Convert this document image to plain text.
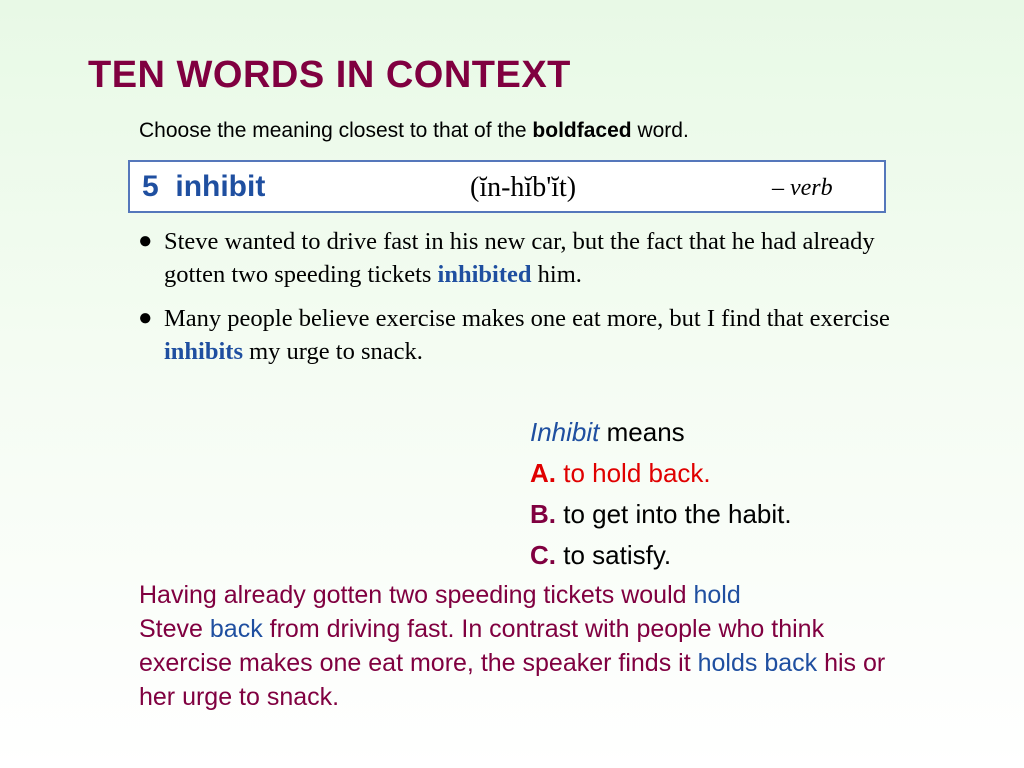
TEN WORDS IN CONTEXT
Choose the meaning closest to that of the boldfaced word.
5 inhibit	(ĭn-hĭb'ĭt)	– verb
● Steve wanted to drive fast in his new car, but the fact that he had already gotten two speeding tickets inhibited him.
● Many people believe exercise makes one eat more, but I find that exercise inhibits my urge to snack.
Inhibit means
A. to hold back.
B. to get into the habit.
C. to satisfy.
Having already gotten two speeding tickets would hold
Steve back from driving fast. In contrast with people who think exercise makes one eat more, the speaker finds it holds back his or her urge to snack.
